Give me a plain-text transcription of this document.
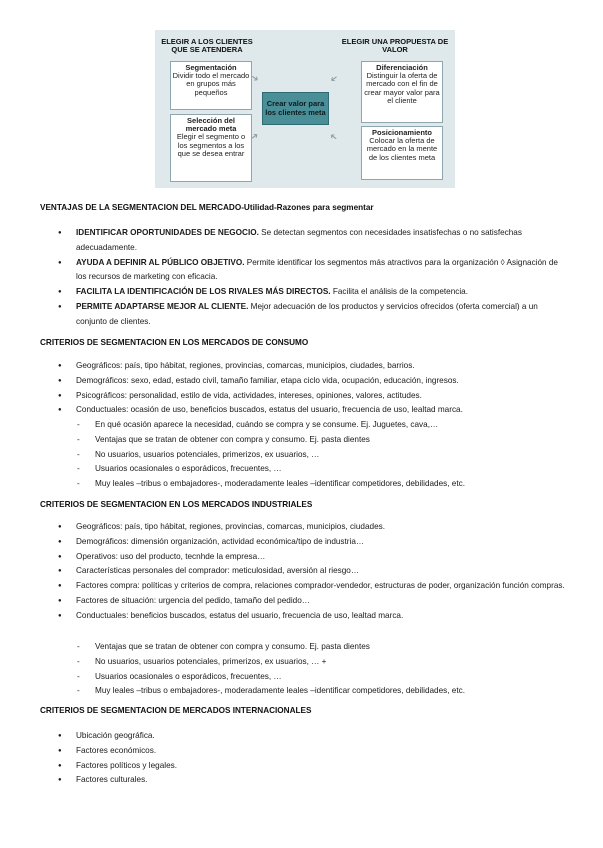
ELEGIR A LOS CLIENTES QUE SE ATENDERA
ELEGIR UNA PROPUESTA DE VALOR
Segmentación
Dividir todo el mercado en grupos más pequeños
Selección del mercado meta
Elegir el segmento o los segmentos a los que se desea entrar
Diferenciación
Distinguir la oferta de mercado con el fin de crear mayor valor para el cliente
Posicionamiento
Colocar la oferta de mercado en la mente de los clientes meta
Crear valor para los clientes meta
➔
➔
➔
➔
VENTAJAS DE LA SEGMENTACION DEL MERCADO-Utilidad-Razones para segmentar
● IDENTIFICAR OPORTUNIDADES DE NEGOCIO. Se detectan segmentos con necesidades insatisfechas o no satisfechas adecuadamente.
● AYUDA A DEFINIR AL PÚBLICO OBJETIVO. Permite identificar los segmentos más atractivos para la organización ◊ Asignación de los recursos de marketing con eficacia.
● FACILITA LA IDENTIFICACIÓN DE LOS RIVALES MÁS DIRECTOS. Facilita el análisis de la competencia.
● PERMITE ADAPTARSE MEJOR AL CLIENTE. Mejor adecuación de los productos y servicios ofrecidos (oferta comercial) a un conjunto de clientes.
CRITERIOS DE SEGMENTACION EN LOS MERCADOS DE CONSUMO
● Geográficos: país, tipo hábitat, regiones, provincias, comarcas, municipios, ciudades, barrios.
● Demográficos: sexo, edad, estado civil, tamaño familiar, etapa ciclo vida, ocupación, educación, ingresos.
● Psicográficos: personalidad, estilo de vida, actividades, intereses, opiniones, valores, actitudes.
● Conductuales: ocasión de uso, beneficios buscados, estatus del usuario, frecuencia de uso, lealtad marca.
- En qué ocasión aparece la necesidad, cuándo se compra y se consume. Ej. Juguetes, cava,…
- Ventajas que se tratan de obtener con compra y consumo. Ej. pasta dientes
- No usuarios, usuarios potenciales, primerizos, ex usuarios, …
- Usuarios ocasionales o esporádicos, frecuentes, …
- Muy leales –tribus o embajadores-, moderadamente leales –identificar competidores, debilidades, etc.
CRITERIOS DE SEGMENTACION EN LOS MERCADOS INDUSTRIALES
● Geográficos: país, tipo hábitat, regiones, provincias, comarcas, municipios, ciudades.
● Demográficos: dimensión organización, actividad económica/tipo de industria…
● Operativos: uso del producto, tecnhde la empresa…
● Características personales del comprador: meticulosidad, aversión al riesgo…
● Factores compra: políticas y criterios de compra, relaciones comprador-vendedor, estructuras de poder, organización función compras.
● Factores de situación: urgencia del pedido, tamaño del pedido…
● Conductuales: beneficios buscados, estatus del usuario, frecuencia de uso, lealtad marca.
- Ventajas que se tratan de obtener con compra y consumo. Ej. pasta dientes
- No usuarios, usuarios potenciales, primerizos, ex usuarios, … +
- Usuarios ocasionales o esporádicos, frecuentes, …
- Muy leales –tribus o embajadores-, moderadamente leales –identificar competidores, debilidades, etc.
CRITERIOS DE SEGMENTACION DE MERCADOS INTERNACIONALES
● Ubicación geográfica.
● Factores económicos.
● Factores políticos y legales.
● Factores culturales.
